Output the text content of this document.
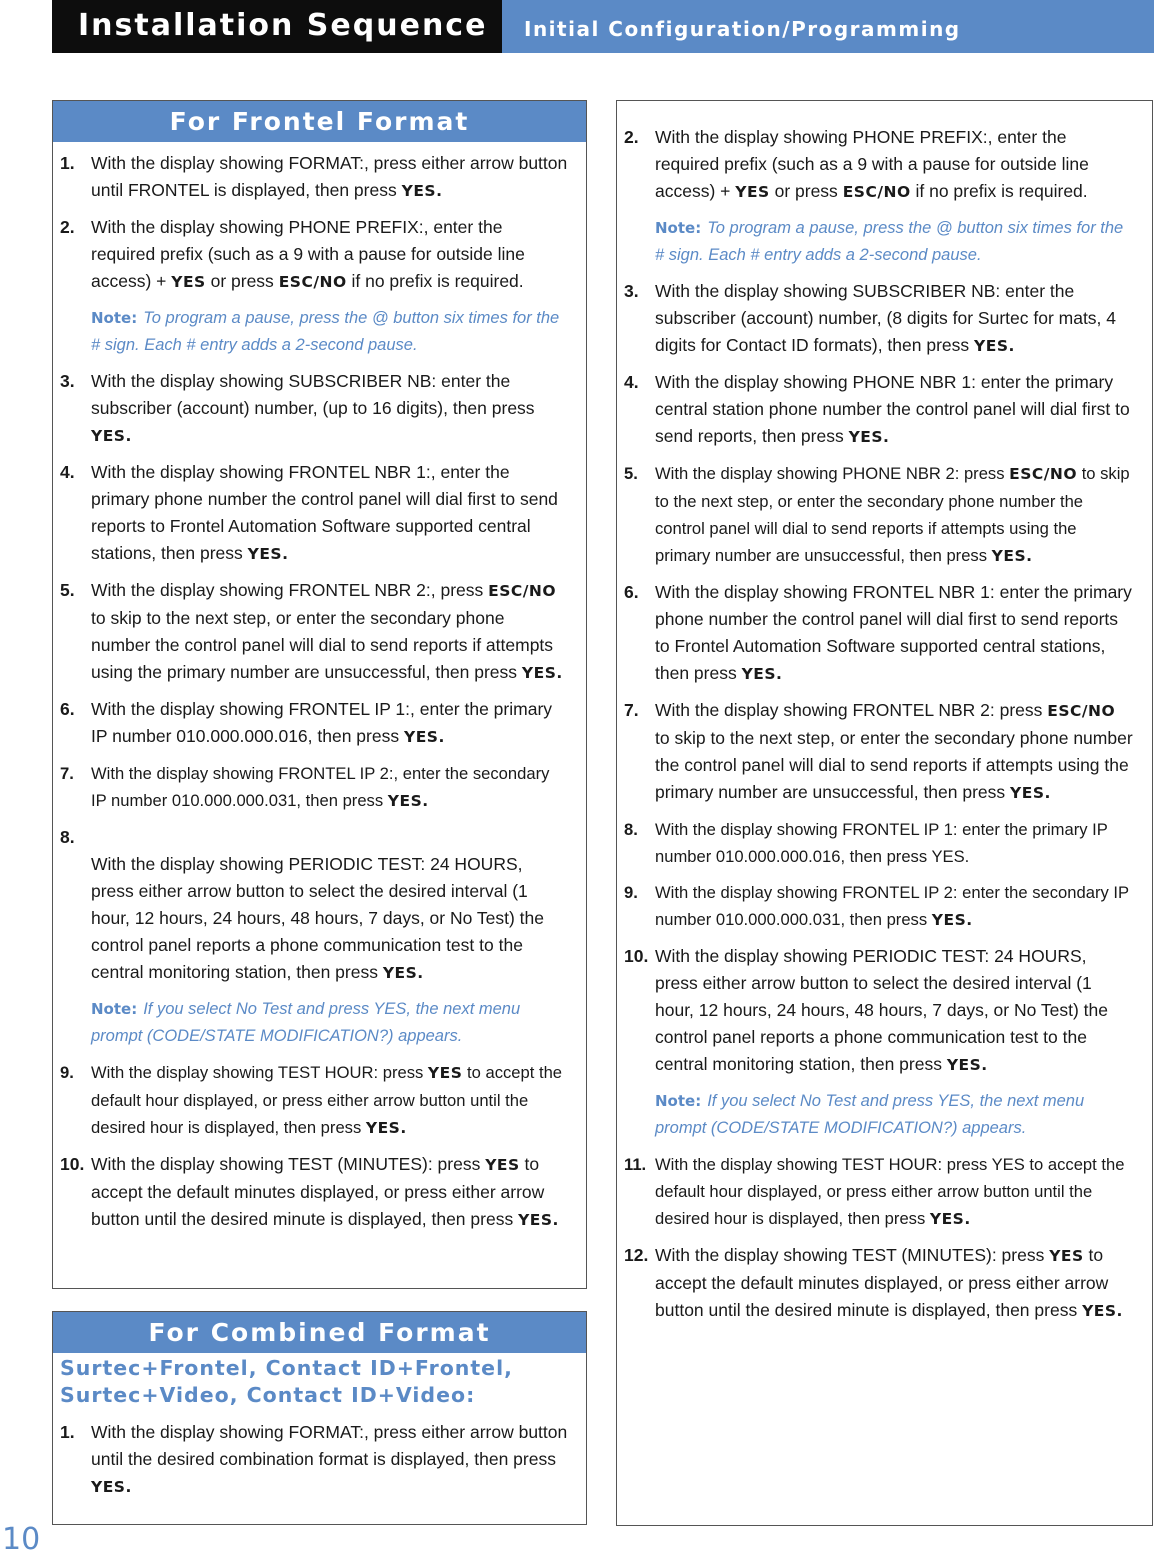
Installation Sequence	Initial Configuration/Programming
For Frontel Format
1. With the display showing FORMAT:, press either arrow button until FRONTEL is displayed, then press YES.
2. With the display showing PHONE PREFIX:, enter the required prefix (such as a 9 with a pause for outside line access) + YES or press ESC/NO if no prefix is required.
Note: To program a pause, press the @ button six times for the # sign. Each # entry adds a 2-second pause.
3. With the display showing SUBSCRIBER NB: enter the subscriber (account) number, (up to 16 digits), then press YES.
4. With the display showing FRONTEL NBR 1:, enter the primary phone number the control panel will dial first to send reports to Frontel Automation Software supported central stations, then press YES.
5. With the display showing FRONTEL NBR 2:, press ESC/NO to skip to the next step, or enter the secondary phone number the control panel will dial to send reports if attempts using the primary number are unsuccessful, then press YES.
6. With the display showing FRONTEL IP 1:, enter the primary IP number 010.000.000.016, then press YES.
7. With the display showing FRONTEL IP 2:, enter the secondary IP number 010.000.000.031, then press YES.
8.
With the display showing PERIODIC TEST: 24 HOURS, press either arrow button to select the desired interval (1 hour, 12 hours, 24 hours, 48 hours, 7 days, or No Test) the control panel reports a phone communication test to the central monitoring station, then press YES.
Note: If you select No Test and press YES, the next menu prompt (CODE/STATE MODIFICATION?) appears.
9. With the display showing TEST HOUR: press YES to accept the default hour displayed, or press either arrow button until the desired hour is displayed, then press YES.
10. With the display showing TEST (MINUTES): press YES to accept the default minutes displayed, or press either arrow button until the desired minute is displayed, then press YES.
For Combined Format
Surtec+Frontel, Contact ID+Frontel, Surtec+Video, Contact ID+Video:
1. With the display showing FORMAT:, press either arrow button until the desired combination format is displayed, then press YES.
2. With the display showing PHONE PREFIX:, enter the required prefix (such as a 9 with a pause for outside line access) + YES or press ESC/NO if no prefix is required.
Note: To program a pause, press the @ button six times for the # sign. Each # entry adds a 2-second pause.
3. With the display showing SUBSCRIBER NB: enter the subscriber (account) number, (8 digits for Surtec for mats, 4 digits for Contact ID formats), then press YES.
4. With the display showing PHONE NBR 1: enter the primary central station phone number the control panel will dial first to send reports, then press YES.
5. With the display showing PHONE NBR 2: press ESC/NO to skip to the next step, or enter the secondary phone number the control panel will dial to send reports if attempts using the primary number are unsuccessful, then press YES.
6. With the display showing FRONTEL NBR 1: enter the primary phone number the control panel will dial first to send reports to Frontel Automation Software supported central stations, then press YES.
7. With the display showing FRONTEL NBR 2: press ESC/NO to skip to the next step, or enter the secondary phone number the control panel will dial to send reports if attempts using the primary number are unsuccessful, then press YES.
8. With the display showing FRONTEL IP 1: enter the primary IP number 010.000.000.016, then press YES.
9. With the display showing FRONTEL IP 2: enter the secondary IP number 010.000.000.031, then press YES.
10. With the display showing PERIODIC TEST: 24 HOURS, press either arrow button to select the desired interval (1 hour, 12 hours, 24 hours, 48 hours, 7 days, or No Test) the control panel reports a phone communication test to the central monitoring station, then press YES.
Note: If you select No Test and press YES, the next menu prompt (CODE/STATE MODIFICATION?) appears.
11. With the display showing TEST HOUR: press YES to accept the default hour displayed, or press either arrow button until the desired hour is displayed, then press YES.
12. With the display showing TEST (MINUTES): press YES to accept the default minutes displayed, or press either arrow button until the desired minute is displayed, then press YES.
10
